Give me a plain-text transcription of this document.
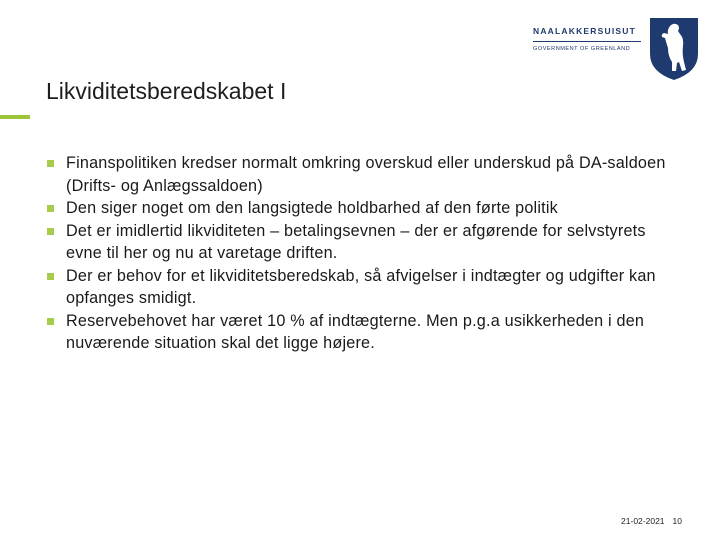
NAALAKKERSUISUT
GOVERNMENT OF GREENLAND
Likviditetsberedskabet I
Finanspolitiken kredser normalt omkring overskud eller underskud på DA-saldoen (Drifts- og Anlægssaldoen)
Den siger noget om den langsigtede holdbarhed af den førte politik
Det er imidlertid likviditeten – betalingsevnen – der er afgørende for selvstyrets evne til her og nu at varetage driften.
Der er behov for et likviditetsberedskab, så afvigelser i indtægter og udgifter kan opfanges smidigt.
Reservebehovet har været 10 % af indtægterne. Men p.g.a usikkerheden i den nuværende situation skal det ligge højere.
21-02-2021 10
